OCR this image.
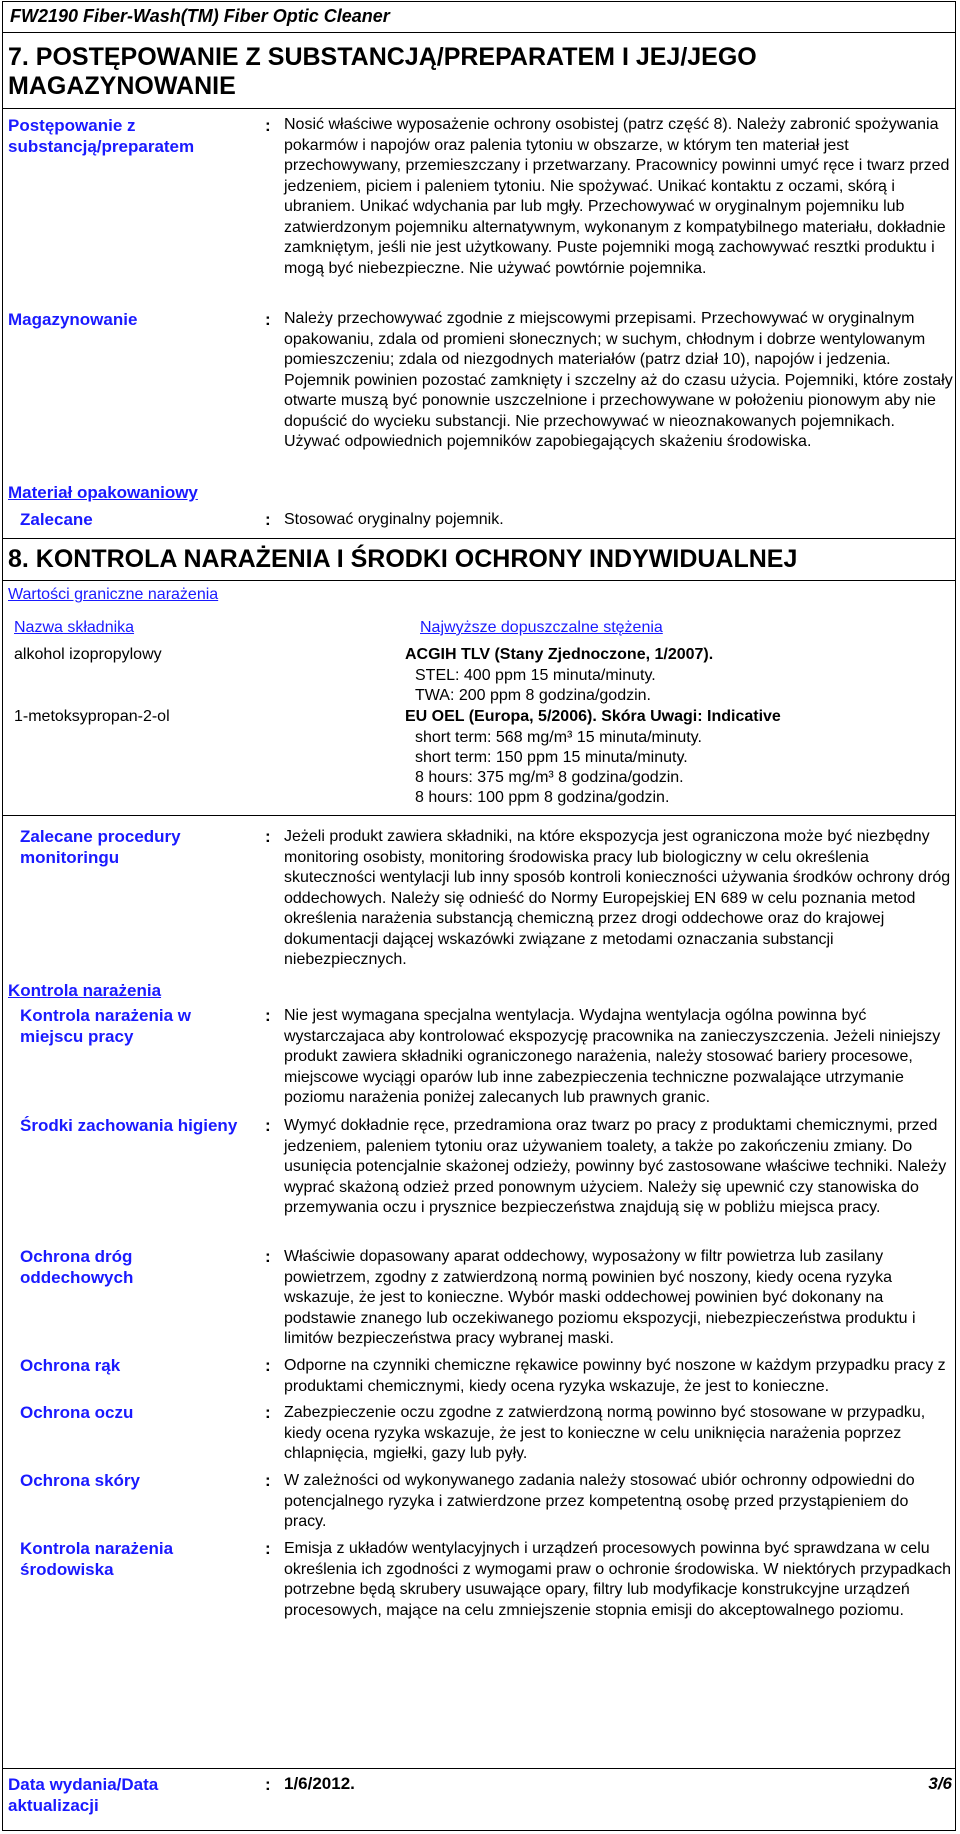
FW2190 Fiber-Wash(TM) Fiber Optic Cleaner
7. POSTĘPOWANIE Z SUBSTANCJĄ/PREPARATEM I JEJ/JEGO MAGAZYNOWANIE
Postępowanie z substancją/preparatem
: Nosić właściwe wyposażenie ochrony osobistej (patrz część 8). Należy zabronić spożywania pokarmów i napojów oraz palenia tytoniu w obszarze, w którym ten materiał jest przechowywany, przemieszczany i przetwarzany. Pracownicy powinni umyć ręce i twarz przed jedzeniem, piciem i paleniem tytoniu. Nie spożywać. Unikać kontaktu z oczami, skórą i ubraniem. Unikać wdychania par lub mgły. Przechowywać w oryginalnym pojemniku lub zatwierdzonym pojemniku alternatywnym, wykonanym z kompatybilnego materiału, dokładnie zamkniętym, jeśli nie jest użytkowany. Puste pojemniki mogą zachowywać resztki produktu i mogą być niebezpieczne. Nie używać powtórnie pojemnika.
Magazynowanie	: Należy przechowywać zgodnie z miejscowymi przepisami. Przechowywać w oryginalnym opakowaniu, zdala od promieni słonecznych; w suchym, chłodnym i dobrze wentylowanym pomieszczeniu; zdala od niezgodnych materiałów (patrz dział 10), napojów i jedzenia. Pojemnik powinien pozostać zamknięty i szczelny aż do czasu użycia. Pojemniki, które zostały otwarte muszą być ponownie uszczelnione i przechowywane w położeniu pionowym aby nie dopuścić do wycieku substancji. Nie przechowywać w nieoznakowanych pojemnikach. Używać odpowiednich pojemników zapobiegających skażeniu środowiska.
Materiał opakowaniowy
Zalecane	: Stosować oryginalny pojemnik.
8. KONTROLA NARAŻENIA I ŚRODKI OCHRONY INDYWIDUALNEJ
Wartości graniczne narażenia
Nazwa składnika	Najwyższe dopuszczalne stężenia
alkohol izopropylowy	ACGIH TLV (Stany Zjednoczone, 1/2007).
STEL: 400 ppm 15 minuta/minuty.
TWA: 200 ppm 8 godzina/godzin.
1-metoksypropan-2-ol	EU OEL (Europa, 5/2006). Skóra Uwagi: Indicative
short term: 568 mg/m³ 15 minuta/minuty.
short term: 150 ppm 15 minuta/minuty.
8 hours: 375 mg/m³ 8 godzina/godzin.
8 hours: 100 ppm 8 godzina/godzin.
Zalecane procedury monitoringu
: Jeżeli produkt zawiera składniki, na które ekspozycja jest ograniczona może być niezbędny monitoring osobisty, monitoring środowiska pracy lub biologiczny w celu określenia skuteczności wentylacji lub inny sposób kontroli konieczności używania środków ochrony dróg oddechowych. Należy się odnieść do Normy Europejskiej EN 689 w celu poznania metod określenia narażenia substancją chemiczną przez drogi oddechowe oraz do krajowej dokumentacji dającej wskazówki związane z metodami oznaczania substancji niebezpiecznych.
Kontrola narażenia
Kontrola narażenia w miejscu pracy
: Nie jest wymagana specjalna wentylacja. Wydajna wentylacja ogólna powinna być wystarczajaca aby kontrolować ekspozycję pracownika na zanieczyszczenia. Jeżeli niniejszy produkt zawiera składniki ograniczonego narażenia, należy stosować bariery procesowe, miejscowe wyciągi oparów lub inne zabezpieczenia techniczne pozwalające utrzymanie poziomu narażenia poniżej zalecanych lub prawnych granic.
Środki zachowania higieny	: Wymyć dokładnie ręce, przedramiona oraz twarz po pracy z produktami chemicznymi, przed jedzeniem, paleniem tytoniu oraz używaniem toalety, a także po zakończeniu zmiany. Do usunięcia potencjalnie skażonej odzieży, powinny być zastosowane właściwe techniki. Należy wyprać skażoną odzież przed ponownym użyciem. Należy się upewnić czy stanowiska do przemywania oczu i prysznice bezpieczeństwa znajdują się w pobliżu miejsca pracy.
Ochrona dróg oddechowych
: Właściwie dopasowany aparat oddechowy, wyposażony w filtr powietrza lub zasilany powietrzem, zgodny z zatwierdzoną normą powinien być noszony, kiedy ocena ryzyka wskazuje, że jest to konieczne. Wybór maski oddechowej powinien być dokonany na podstawie znanego lub oczekiwanego poziomu ekspozycji, niebezpieczeństwa produktu i limitów bezpieczeństwa pracy wybranej maski.
Ochrona rąk	: Odporne na czynniki chemiczne rękawice powinny być noszone w każdym przypadku pracy z produktami chemicznymi, kiedy ocena ryzyka wskazuje, że jest to konieczne.
Ochrona oczu	: Zabezpieczenie oczu zgodne z zatwierdzoną normą powinno być stosowane w przypadku, kiedy ocena ryzyka wskazuje, że jest to konieczne w celu uniknięcia narażenia poprzez chlapnięcia, mgiełki, gazy lub pyły.
Ochrona skóry	: W zależności od wykonywanego zadania należy stosować ubiór ochronny odpowiedni do potencjalnego ryzyka i zatwierdzone przez kompetentną osobę przed przystąpieniem do pracy.
Kontrola narażenia środowiska
: Emisja z układów wentylacyjnych i urządzeń procesowych powinna być sprawdzana w celu określenia ich zgodności z wymogami praw o ochronie środowiska. W niektórych przypadkach potrzebne będą skrubery usuwające opary, filtry lub modyfikacje konstrukcyjne urządzeń procesowych, mające na celu zmniejszenie stopnia emisji do akceptowalnego poziomu.
Data wydania/Data aktualizacji
: 1/6/2012.	3/6
